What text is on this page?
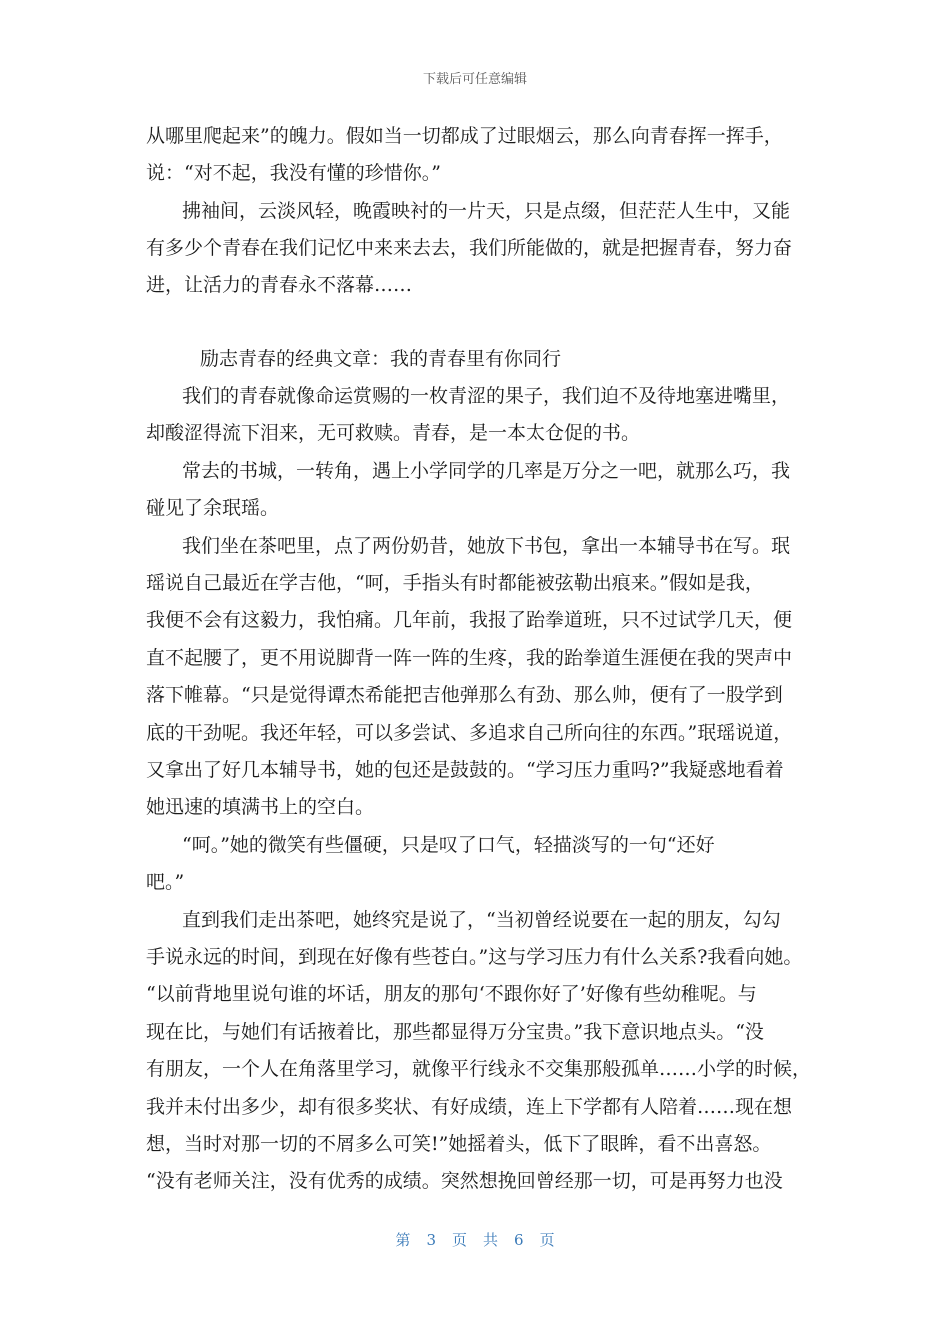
下载后可任意编辑
从哪里爬起来”的魄力。假如当一切都成了过眼烟云，那么向青春挥一挥手，
说：“对不起，我没有懂的珍惜你。”
拂袖间，云淡风轻，晚霞映衬的一片天，只是点缀，但茫茫人生中，又能
有多少个青春在我们记忆中来来去去，我们所能做的，就是把握青春，努力奋
进，让活力的青春永不落幕……
励志青春的经典文章：我的青春里有你同行
我们的青春就像命运赏赐的一枚青涩的果子，我们迫不及待地塞进嘴里，
却酸涩得流下泪来，无可救赎。青春，是一本太仓促的书。
常去的书城，一转角，遇上小学同学的几率是万分之一吧，就那么巧，我
碰见了余珉瑶。
我们坐在茶吧里，点了两份奶昔，她放下书包，拿出一本辅导书在写。珉
瑶说自己最近在学吉他，“呵，手指头有时都能被弦勒出痕来。”假如是我，
我便不会有这毅力，我怕痛。几年前，我报了跆拳道班，只不过试学几天，便
直不起腰了，更不用说脚背一阵一阵的生疼，我的跆拳道生涯便在我的哭声中
落下帷幕。“只是觉得谭杰希能把吉他弹那么有劲、那么帅，便有了一股学到
底的干劲呢。我还年轻，可以多尝试、多追求自己所向往的东西。”珉瑶说道，
又拿出了好几本辅导书，她的包还是鼓鼓的。“学习压力重吗?”我疑惑地看着
她迅速的填满书上的空白。
“呵。”她的微笑有些僵硬，只是叹了口气，轻描淡写的一句“还好
吧。”
直到我们走出茶吧，她终究是说了，“当初曾经说要在一起的朋友，勾勾
手说永远的时间，到现在好像有些苍白。”这与学习压力有什么关系?我看向她。
“以前背地里说句谁的坏话，朋友的那句‘不跟你好了’好像有些幼稚呢。与
现在比，与她们有话掖着比，那些都显得万分宝贵。”我下意识地点头。“没
有朋友，一个人在角落里学习，就像平行线永不交集那般孤单……小学的时候，
我并未付出多少，却有很多奖状、有好成绩，连上下学都有人陪着……现在想
想，当时对那一切的不屑多么可笑!”她摇着头，低下了眼眸，看不出喜怒。
“没有老师关注，没有优秀的成绩。突然想挽回曾经那一切，可是再努力也没
第 3 页 共 6 页
